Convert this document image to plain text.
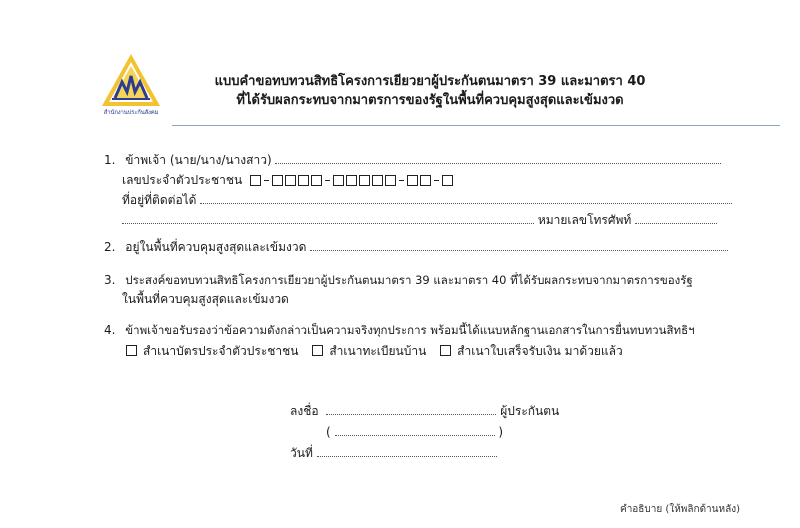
สำนักงานประกันสังคม
แบบคำขอทบทวนสิทธิโครงการเยียวยาผู้ประกันตนมาตรา 39 และมาตรา 40
ที่ได้รับผลกระทบจากมาตรการของรัฐในพื้นที่ควบคุมสูงสุดและเข้มงวด
1. ข้าพเจ้า (นาย/นาง/นางสาว)
เลขประจำตัวประชาชน
ที่อยู่ที่ติดต่อได้
หมายเลขโทรศัพท์
2. อยู่ในพื้นที่ควบคุมสูงสุดและเข้มงวด
3. ประสงค์ขอทบทวนสิทธิโครงการเยียวยาผู้ประกันตนมาตรา 39 และมาตรา 40 ที่ได้รับผลกระทบจากมาตรการของรัฐ
ในพื้นที่ควบคุมสูงสุดและเข้มงวด
4. ข้าพเจ้าขอรับรองว่าข้อความดังกล่าวเป็นความจริงทุกประการ พร้อมนี้ได้แนบหลักฐานเอกสารในการยื่นทบทวนสิทธิฯ
สำเนาบัตรประจำตัวประชาชน	สำเนาทะเบียนบ้าน	สำเนาใบเสร็จรับเงิน มาด้วยแล้ว
ลงชื่อ	ผู้ประกันตน
(	)
วันที่
คำอธิบาย (ให้พลิกด้านหลัง)
